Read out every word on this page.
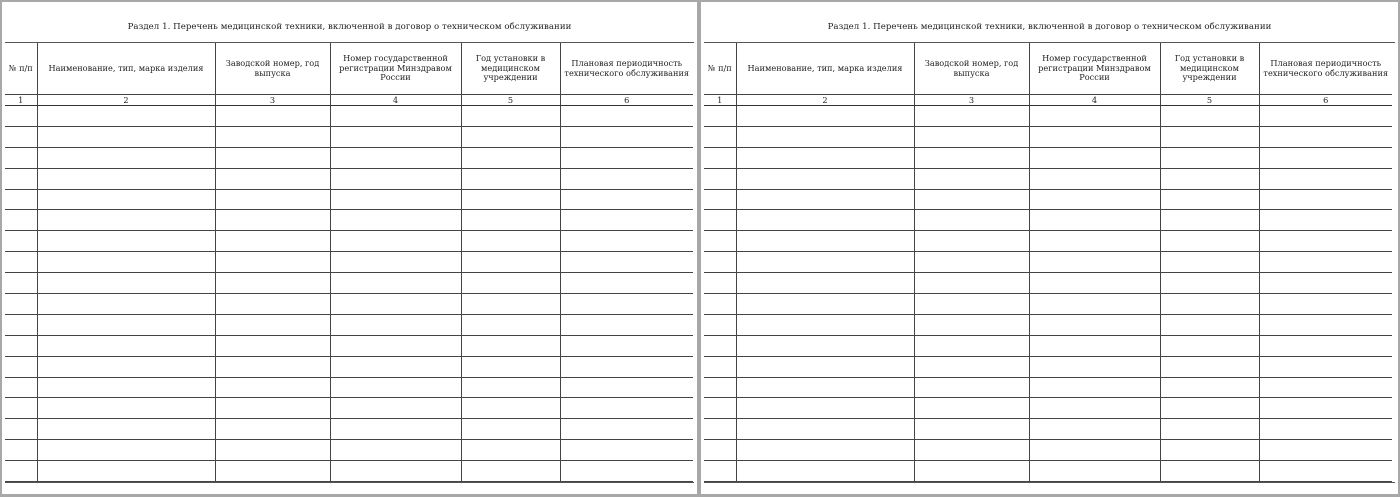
Раздел 1. Перечень медицинской техники, включенной в договор о техническом обслуживании
№ п/п	Наименование, тип, марка изделия	Заводской номер, год выпуска	Номер государственной регистрации Минздравом России	Год установки в медицинском учреждении	Плановая периодичность технического обслуживания
1	2	3	4	5	6

Раздел 1. Перечень медицинской техники, включенной в договор о техническом обслуживании
№ п/п	Наименование, тип, марка изделия	Заводской номер, год выпуска	Номер государственной регистрации Минздравом России	Год установки в медицинском учреждении	Плановая периодичность технического обслуживания
1	2	3	4	5	6
